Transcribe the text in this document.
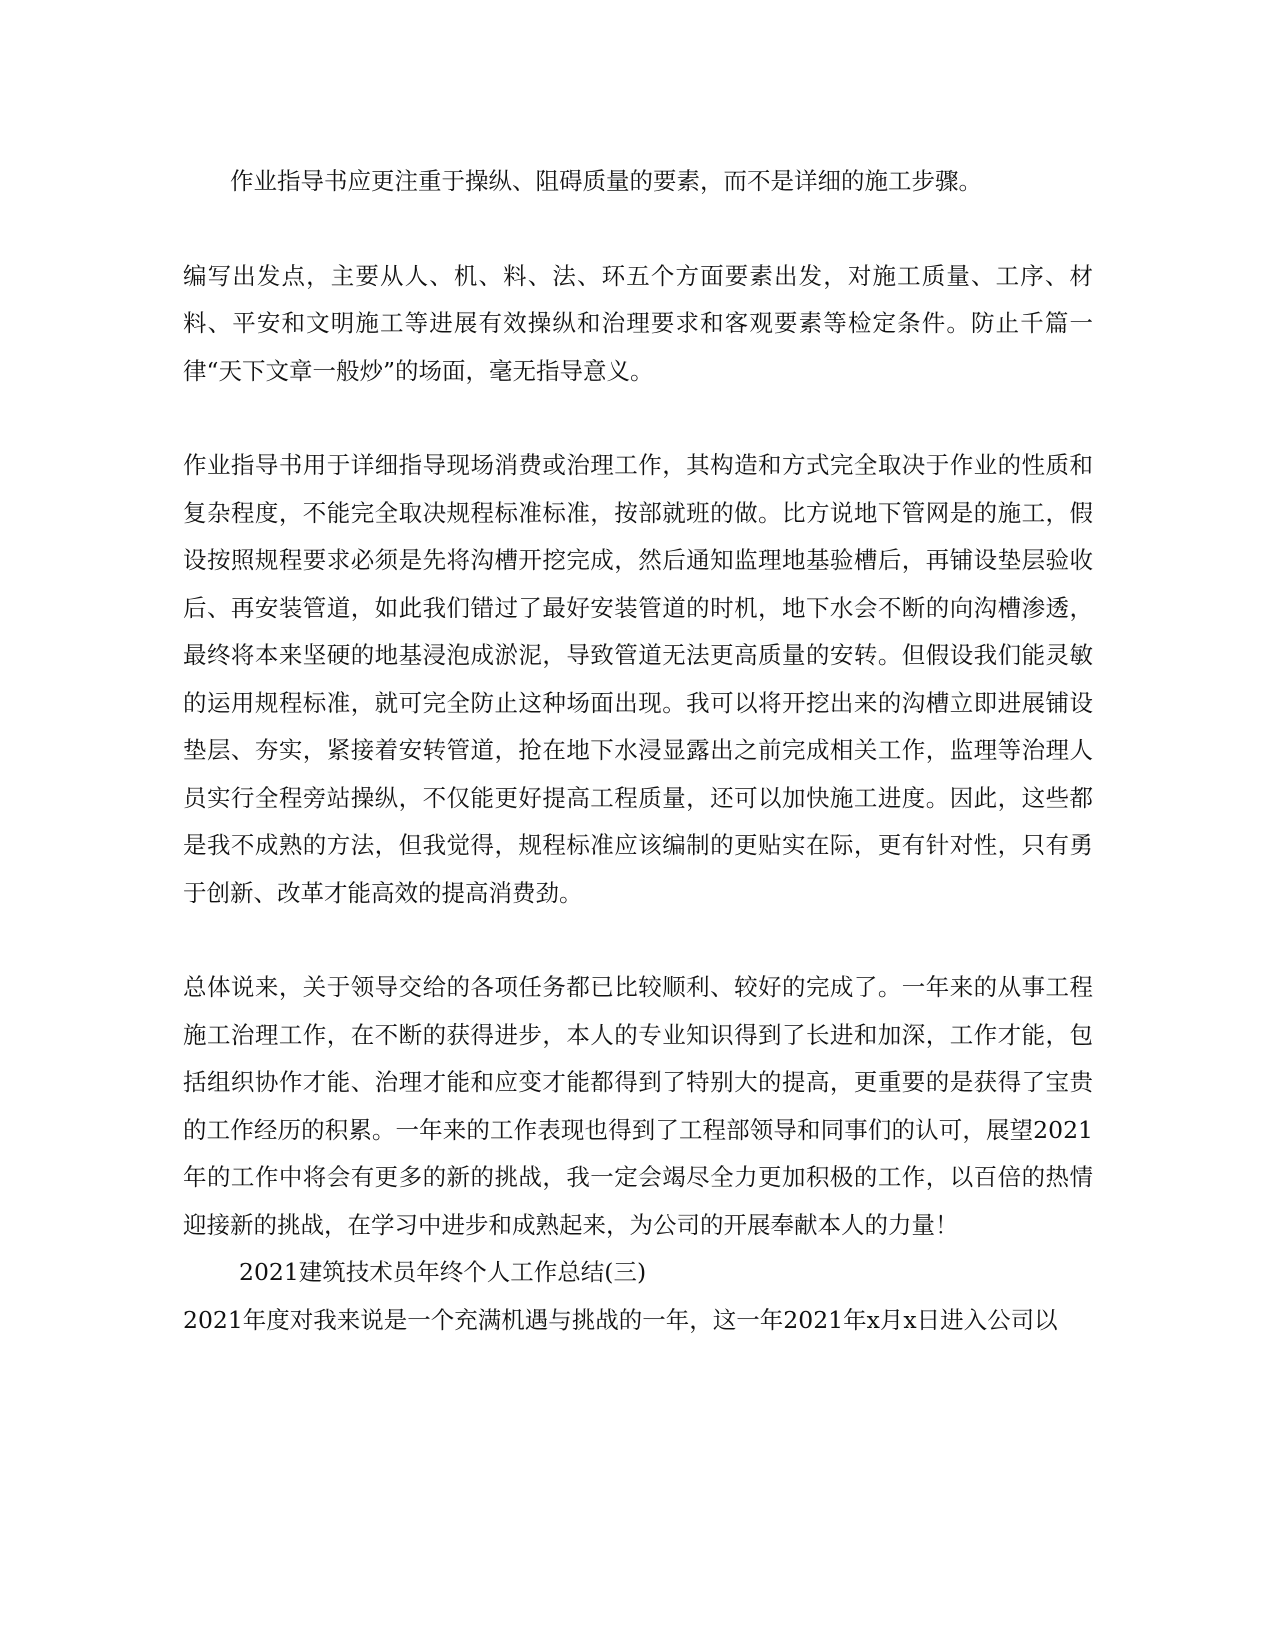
作业指导书应更注重于操纵、阻碍质量的要素，而不是详细的施工步骤。

编写出发点，主要从人、机、料、法、环五个方面要素出发，对施工质量、工序、材料、平安和文明施工等进展有效操纵和治理要求和客观要素等检定条件。防止千篇一律“天下文章一般炒”的场面，毫无指导意义。

作业指导书用于详细指导现场消费或治理工作，其构造和方式完全取决于作业的性质和复杂程度，不能完全取决规程标准标准，按部就班的做。比方说地下管网是的施工，假设按照规程要求必须是先将沟槽开挖完成，然后通知监理地基验槽后，再铺设垫层验收后、再安装管道，如此我们错过了最好安装管道的时机，地下水会不断的向沟槽渗透，最终将本来坚硬的地基浸泡成淤泥，导致管道无法更高质量的安转。但假设我们能灵敏的运用规程标准，就可完全防止这种场面出现。我可以将开挖出来的沟槽立即进展铺设垫层、夯实，紧接着安转管道，抢在地下水浸显露出之前完成相关工作，监理等治理人员实行全程旁站操纵，不仅能更好提高工程质量，还可以加快施工进度。因此，这些都是我不成熟的方法，但我觉得，规程标准应该编制的更贴实在际，更有针对性，只有勇于创新、改革才能高效的提高消费劲。

总体说来，关于领导交给的各项任务都已比较顺利、较好的完成了。一年来的从事工程施工治理工作，在不断的获得进步，本人的专业知识得到了长进和加深，工作才能，包括组织协作才能、治理才能和应变才能都得到了特别大的提高，更重要的是获得了宝贵的工作经历的积累。一年来的工作表现也得到了工程部领导和同事们的认可，展望2021年的工作中将会有更多的新的挑战，我一定会竭尽全力更加积极的工作，以百倍的热情迎接新的挑战，在学习中进步和成熟起来，为公司的开展奉献本人的力量！

2021建筑技术员年终个人工作总结(三)

2021年度对我来说是一个充满机遇与挑战的一年，这一年2021年x月x日进入公司以
